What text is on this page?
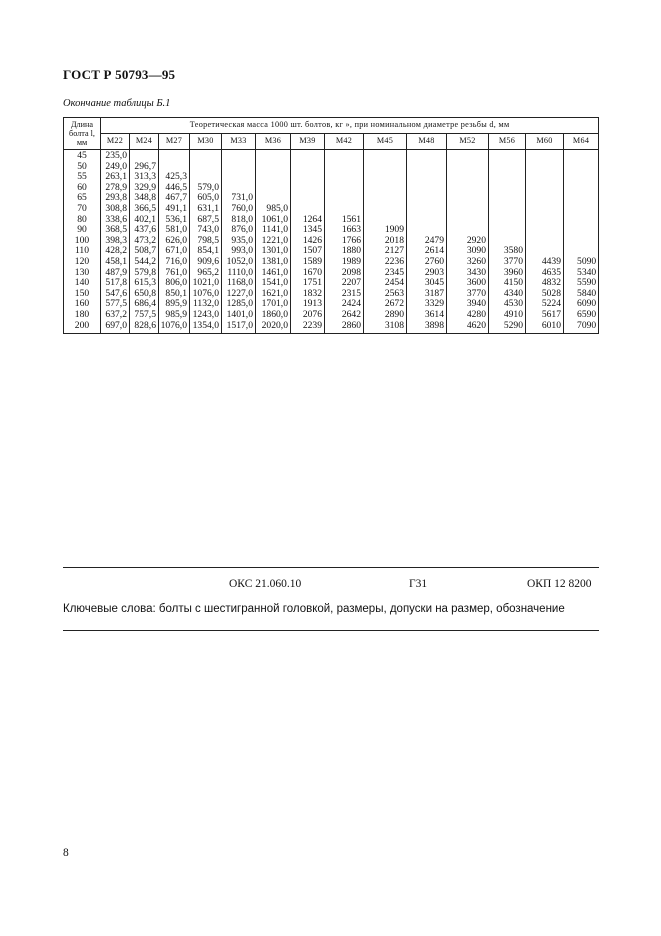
ГОСТ Р 50793—95
Окончание таблицы Б.1
Длина
болта l,
мм	Теоретическая масса 1000 шт. болтов, кг », при номинальном диаметре резьбы d, мм													
	М22	М24	М27	М30	М33	М36	М39	М42	М45	М48	М52	М56	М60	М64
45	235,0													
50	249,0	296,7												
55	263,1	313,3	425,3											
60	278,9	329,9	446,5	579,0										
65	293,8	348,8	467,7	605,0	731,0									
70	308,8	366,5	491,1	631,1	760,0	985,0								
80	338,6	402,1	536,1	687,5	818,0	1061,0	1264	1561						
90	368,5	437,6	581,0	743,0	876,0	1141,0	1345	1663	1909					
100	398,3	473,2	626,0	798,5	935,0	1221,0	1426	1766	2018	2479	2920			
110	428,2	508,7	671,0	854,1	993,0	1301,0	1507	1880	2127	2614	3090	3580		
120	458,1	544,2	716,0	909,6	1052,0	1381,0	1589	1989	2236	2760	3260	3770	4439	5090
130	487,9	579,8	761,0	965,2	1110,0	1461,0	1670	2098	2345	2903	3430	3960	4635	5340
140	517,8	615,3	806,0	1021,0	1168,0	1541,0	1751	2207	2454	3045	3600	4150	4832	5590
150	547,6	650,8	850,1	1076,0	1227,0	1621,0	1832	2315	2563	3187	3770	4340	5028	5840
160	577,5	686,4	895,9	1132,0	1285,0	1701,0	1913	2424	2672	3329	3940	4530	5224	6090
180	637,2	757,5	985,9	1243,0	1401,0	1860,0	2076	2642	2890	3614	4280	4910	5617	6590
200	697,0	828,6	1076,0	1354,0	1517,0	2020,0	2239	2860	3108	3898	4620	5290	6010	7090
ОКС 21.060.10	Г31	ОКП 12 8200
Ключевые слова: болты с шестигранной головкой, размеры, допуски на размер, обозначение
8
